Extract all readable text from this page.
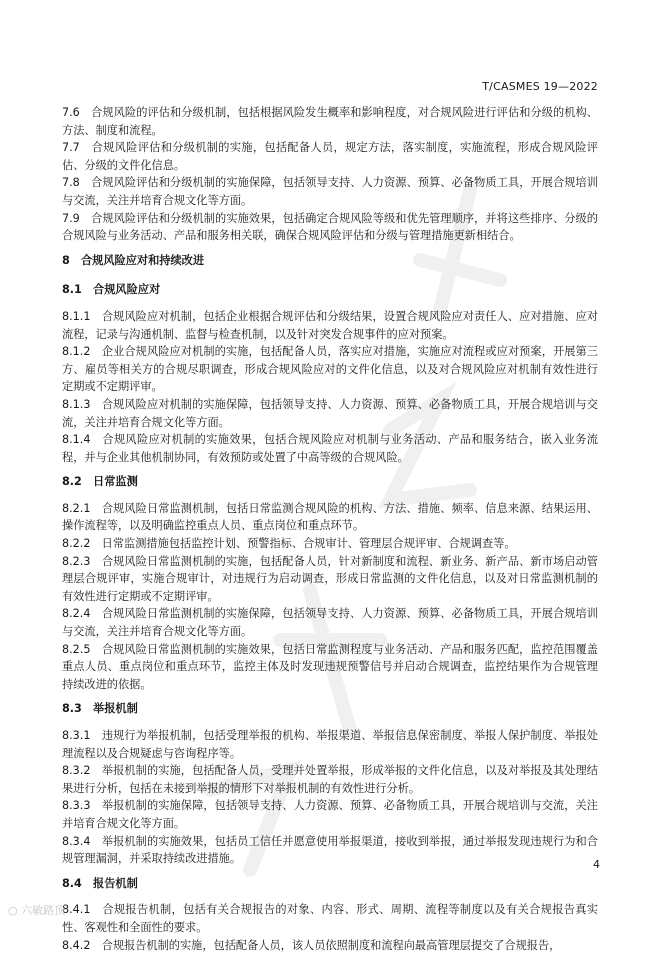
T/CASMES 19—2022

7.6　合规风险的评估和分级机制，包括根据风险发生概率和影响程度，对合规风险进行评估和分级的机构、方法、制度和流程。

7.7　合规风险评估和分级机制的实施，包括配备人员，规定方法，落实制度，实施流程，形成合规风险评估、分级的文件化信息。

7.8　合规风险评估和分级机制的实施保障，包括领导支持、人力资源、预算、必备物质工具，开展合规培训与交流，关注并培育合规文化等方面。

7.9　合规风险评估和分级机制的实施效果，包括确定合规风险等级和优先管理顺序，并将这些排序、分级的合规风险与业务活动、产品和服务相关联，确保合规风险评估和分级与管理措施更新相结合。

8　合规风险应对和持续改进

8.1　合规风险应对

8.1.1　合规风险应对机制，包括企业根据合规评估和分级结果，设置合规风险应对责任人、应对措施、应对流程，记录与沟通机制、监督与检查机制，以及针对突发合规事件的应对预案。

8.1.2　企业合规风险应对机制的实施，包括配备人员，落实应对措施，实施应对流程或应对预案，开展第三方、雇员等相关方的合规尽职调查，形成合规风险应对的文件化信息，以及对合规风险应对机制有效性进行定期或不定期评审。

8.1.3　合规风险应对机制的实施保障，包括领导支持、人力资源、预算、必备物质工具，开展合规培训与交流，关注并培育合规文化等方面。

8.1.4　合规风险应对机制的实施效果，包括合规风险应对机制与业务活动、产品和服务结合，嵌入业务流程，并与企业其他机制协同，有效预防或处置了中高等级的合规风险。

8.2　日常监测

8.2.1　合规风险日常监测机制，包括日常监测合规风险的机构、方法、措施、频率、信息来源、结果运用、操作流程等，以及明确监控重点人员、重点岗位和重点环节。

8.2.2　日常监测措施包括监控计划、预警指标、合规审计、管理层合规评审、合规调查等。

8.2.3　合规风险日常监测机制的实施，包括配备人员，针对新制度和流程、新业务、新产品、新市场启动管理层合规评审，实施合规审计，对违规行为启动调查，形成日常监测的文件化信息，以及对日常监测机制的有效性进行定期或不定期评审。

8.2.4　合规风险日常监测机制的实施保障，包括领导支持、人力资源、预算、必备物质工具，开展合规培训与交流，关注并培育合规文化等方面。

8.2.5　合规风险日常监测机制的实施效果，包括日常监测程度与业务活动、产品和服务匹配，监控范围覆盖重点人员、重点岗位和重点环节，监控主体及时发现违规预警信号并启动合规调查，监控结果作为合规管理持续改进的依据。

8.3　举报机制

8.3.1　违规行为举报机制，包括受理举报的机构、举报渠道、举报信息保密制度、举报人保护制度、举报处理流程以及合规疑虑与咨询程序等。

8.3.2　举报机制的实施，包括配备人员，受理并处置举报，形成举报的文件化信息，以及对举报及其处理结果进行分析，包括在未接到举报的情形下对举报机制的有效性进行分析。

8.3.3　举报机制的实施保障，包括领导支持、人力资源、预算、必备物质工具，开展合规培训与交流，关注并培育合规文化等方面。

8.3.4　举报机制的实施效果，包括员工信任并愿意使用举报渠道，接收到举报，通过举报发现违规行为和合规管理漏洞，并采取持续改进措施。

8.4　报告机制

8.4.1　合规报告机制，包括有关合规报告的对象、内容、形式、周期、流程等制度以及有关合规报告真实性、客观性和全面性的要求。

8.4.2　合规报告机制的实施，包括配备人员，该人员依照制度和流程向最高管理层提交了合规报告，

4
○ 六敏路顶
